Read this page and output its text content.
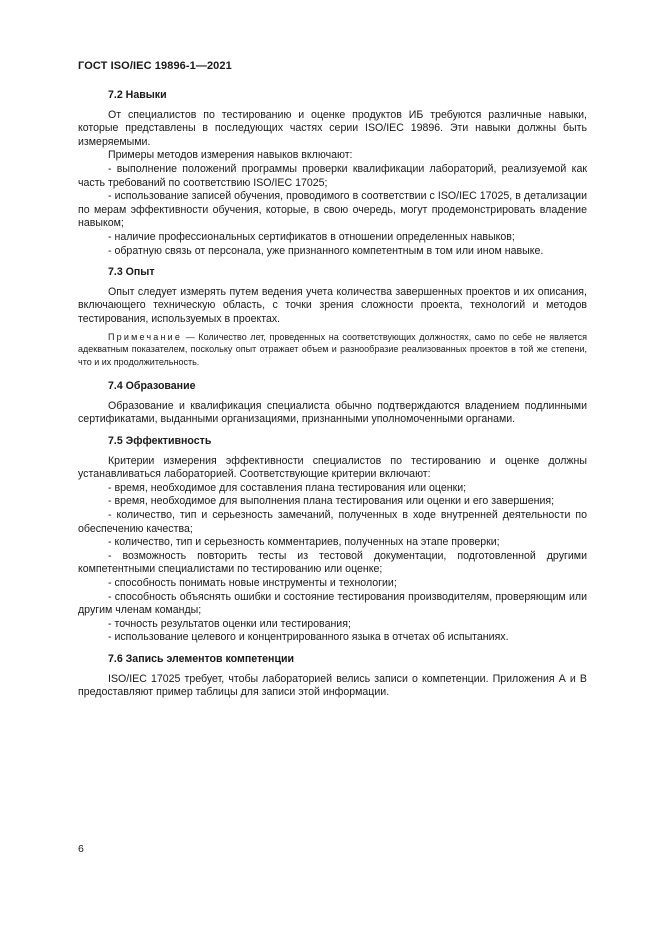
ГОСТ ISO/IEC 19896-1—2021
7.2 Навыки

От специалистов по тестированию и оценке продуктов ИБ требуются различные навыки, которые представлены в последующих частях серии ISO/IEC 19896. Эти навыки должны быть измеряемыми.

Примеры методов измерения навыков включают:

- выполнение положений программы проверки квалификации лабораторий, реализуемой как часть требований по соответствию ISO/IEC 17025;

- использование записей обучения, проводимого в соответствии с ISO/IEC 17025, в детализации по мерам эффективности обучения, которые, в свою очередь, могут продемонстрировать владение навыком;

- наличие профессиональных сертификатов в отношении определенных навыков;

- обратную связь от персонала, уже признанного компетентным в том или ином навыке.

7.3 Опыт

Опыт следует измерять путем ведения учета количества завершенных проектов и их описания, включающего техническую область, с точки зрения сложности проекта, технологий и методов тестирования, используемых в проектах.

Примечание — Количество лет, проведенных на соответствующих должностях, само по себе не является адекватным показателем, поскольку опыт отражает объем и разнообразие реализованных проектов в той же степени, что и их продолжительность.

7.4 Образование

Образование и квалификация специалиста обычно подтверждаются владением подлинными сертификатами, выданными организациями, признанными уполномоченными органами.

7.5 Эффективность

Критерии измерения эффективности специалистов по тестированию и оценке должны устанавливаться лабораторией. Соответствующие критерии включают:

- время, необходимое для составления плана тестирования или оценки;

- время, необходимое для выполнения плана тестирования или оценки и его завершения;

- количество, тип и серьезность замечаний, полученных в ходе внутренней деятельности по обеспечению качества;

- количество, тип и серьезность комментариев, полученных на этапе проверки;

- возможность повторить тесты из тестовой документации, подготовленной другими компетентными специалистами по тестированию или оценке;

- способность понимать новые инструменты и технологии;

- способность объяснять ошибки и состояние тестирования производителям, проверяющим или другим членам команды;

- точность результатов оценки или тестирования;

- использование целевого и концентрированного языка в отчетах об испытаниях.

7.6 Запись элементов компетенции

ISO/IEC 17025 требует, чтобы лабораторией велись записи о компетенции. Приложения А и В предоставляют пример таблицы для записи этой информации.

6
